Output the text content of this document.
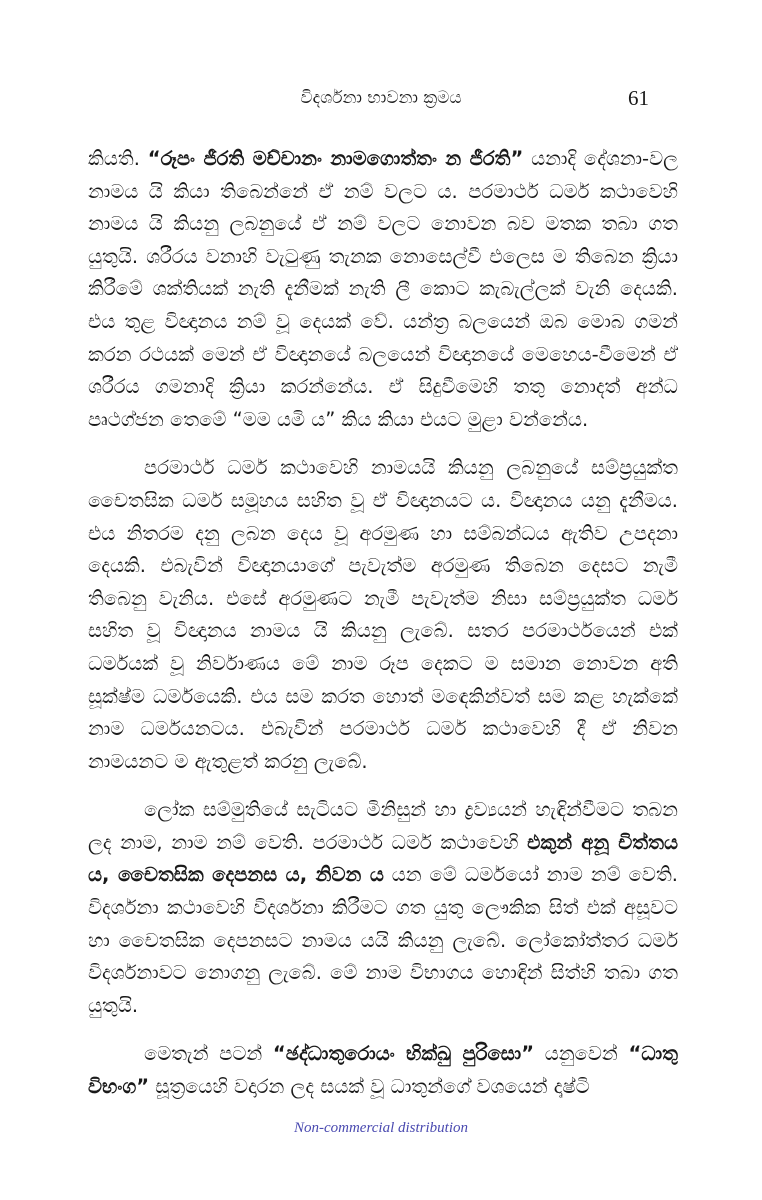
විදර්ශනා භාවනා ක්‍රමය	61

කියති. “රූපං ජීරති මච්චානං නාමගොත්තං න ජීරති” යනාදි දේශනා-වල නාමය යි කියා තිබෙන්නේ ඒ නම් වලට ය. පරමාර්ථ ධර්ම කථාවෙහි නාමය යි කියනු ලබනුයේ ඒ නම් වලට නොවන බව මතක තබා ගත යුතුයි. ශරීරය වනාහි වැටුණු තැනක නොසෙල්වී එලෙස ම තිබෙන ක්‍රියා කිරීමේ ශක්තියක් නැති දැනීමක් නැති ලී කොට කැබැල්ලක් වැනි දෙයකි. එය තුළ විඥානය නම් වූ දෙයක් වේ. යන්ත්‍ර බලයෙන් ඔබ මොබ ගමන් කරන රථයක් මෙන් ඒ විඥානයේ බලයෙන් විඥානයේ මෙහෙය-වීමෙන් ඒ ශරීරය ගමනාදි ක්‍රියා කරන්නේය. ඒ සිදුවීමෙහි තතු නොදත් අන්ධ පෘථග්ජන තෙමේ “මම යමි ය” කිය කියා එයට මුළා වන්නේය.

පරමාර්ථ ධර්ම කථාවෙහි නාමයයි කියනු ලබනුයේ සම්ප්‍රයුක්ත චෛතසික ධර්ම සමූහය සහිත වූ ඒ විඥානයට ය. විඥානය යනු දැනීමය. එය නිතරම දනු ලබන දෙය වූ අරමුණ හා සම්බන්ධය ඇතිව උපදනා දෙයකි. එබැවින් විඥානයාගේ පැවැත්ම අරමුණ තිබෙන දෙසට නැමී තිබෙනු වැනිය. එසේ අරමුණට නැමී පැවැත්ම නිසා සම්ප්‍රයුක්ත ධර්ම සහිත වූ විඥානය නාමය යි කියනු ලැබේ. සතර පරමාර්ථයෙන් එක් ධර්මයක් වූ නිර්වාණය මේ නාම රූප දෙකට ම සමාන නොවන අති සූක්ෂ්ම ධර්මයෙකි. එය සම කරත හොත් මඳෙකින්වත් සම කළ හැක්කේ නාම ධර්මයනටය. එබැවින් පරමාර්ථ ධර්ම කථාවෙහි දී ඒ නිවන නාමයනට ම ඇතුළත් කරනු ලැබේ.

ලෝක සම්මුතියේ සැටියට මිනිසුන් හා ද්‍රව්‍යයන් හැඳින්වීමට තබන ලද නාම, නාම නම් වෙති. පරමාර්ථ ධර්ම කථාවෙහි එකුන් අනූ චිත්තය ය, චෛතසික දෙපනස ය, නිවන ය යන මේ ධර්මයෝ නාම නම් වෙති. විදර්ශනා කථාවෙහි විදර්ශනා කිරීමට ගත යුතු ලෞකික සිත් එක් අසූවට හා චෛතසික දෙපනසට නාමය යයි කියනු ලැබේ. ලෝකෝත්තර ධර්ම විදර්ශනාවට නොගනු ලැබේ. මේ නාම විභාගය හොඳින් සිත්හි තබා ගත යුතුයි.

මෙතැන් පටන් “ඡද්ධාතුරොයං භික්ඛු පුරිසො” යනුවෙන් “ධාතු විභංග” සූත්‍රයෙහි වදාරන ලද සයක් වූ ධාතුන්ගේ වශයෙන් දෘෂ්ටි

Non-commercial distribution
